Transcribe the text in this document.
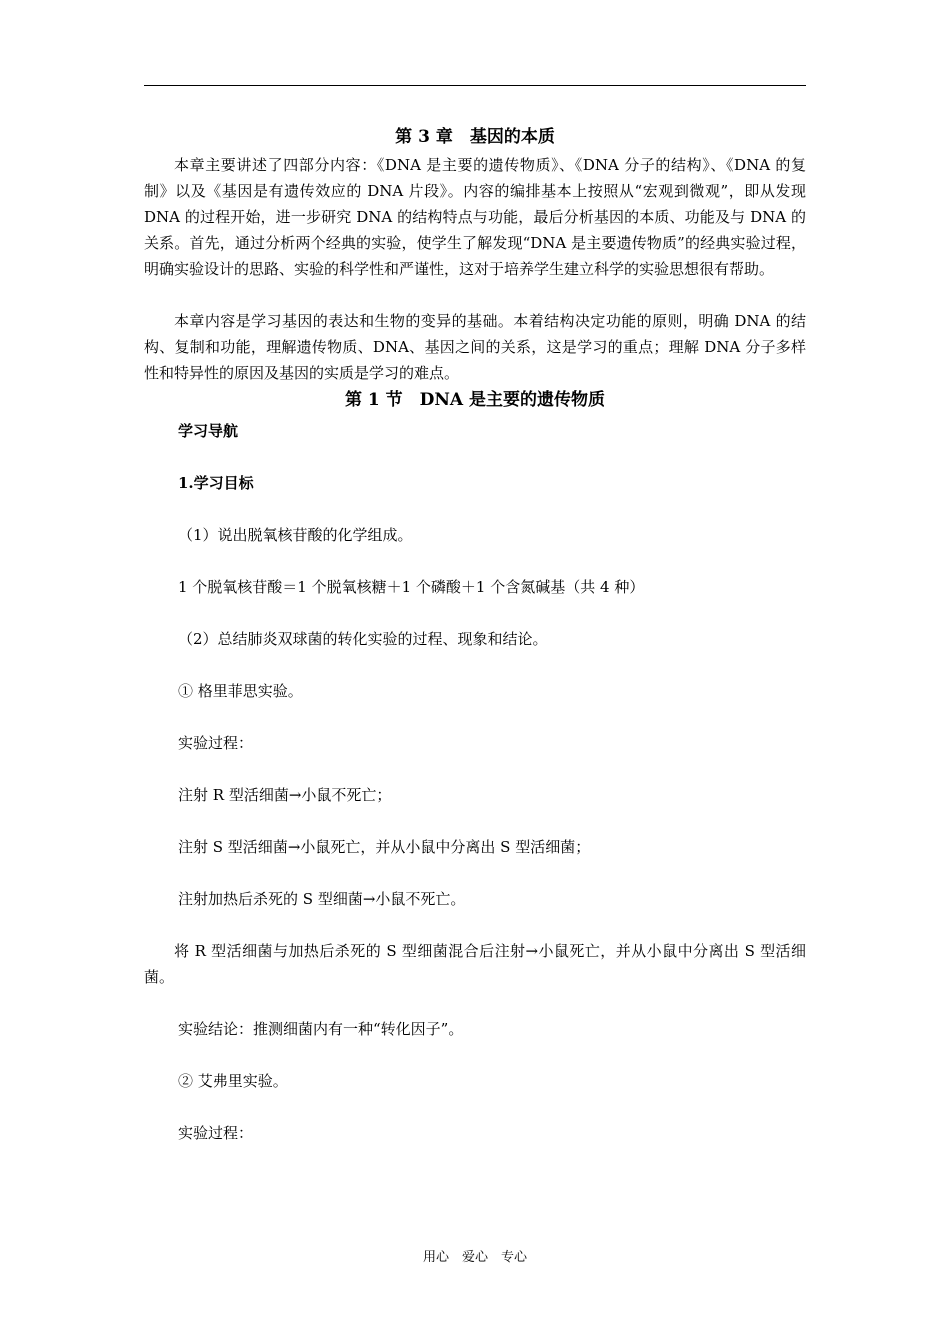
第 3 章　基因的本质

本章主要讲述了四部分内容：《DNA 是主要的遗传物质》、《DNA 分子的结构》、《DNA 的复制》以及《基因是有遗传效应的 DNA 片段》。内容的编排基本上按照从“宏观到微观”，即从发现 DNA 的过程开始，进一步研究 DNA 的结构特点与功能，最后分析基因的本质、功能及与 DNA 的关系。首先，通过分析两个经典的实验，使学生了解发现“DNA 是主要遗传物质”的经典实验过程，明确实验设计的思路、实验的科学性和严谨性，这对于培养学生建立科学的实验思想很有帮助。

本章内容是学习基因的表达和生物的变异的基础。本着结构决定功能的原则，明确 DNA 的结构、复制和功能，理解遗传物质、DNA、基因之间的关系，这是学习的重点；理解 DNA 分子多样性和特异性的原因及基因的实质是学习的难点。

第 1 节　DNA 是主要的遗传物质

学习导航

1.学习目标

（1）说出脱氧核苷酸的化学组成。

1 个脱氧核苷酸＝1 个脱氧核糖＋1 个磷酸＋1 个含氮碱基（共 4 种）

（2）总结肺炎双球菌的转化实验的过程、现象和结论。

① 格里菲思实验。

实验过程：

注射 R 型活细菌→小鼠不死亡；

注射 S 型活细菌→小鼠死亡，并从小鼠中分离出 S 型活细菌；

注射加热后杀死的 S 型细菌→小鼠不死亡。

将 R 型活细菌与加热后杀死的 S 型细菌混合后注射→小鼠死亡，并从小鼠中分离出 S 型活细菌。

实验结论：推测细菌内有一种“转化因子”。

② 艾弗里实验。

实验过程：

用心　爱心　专心
